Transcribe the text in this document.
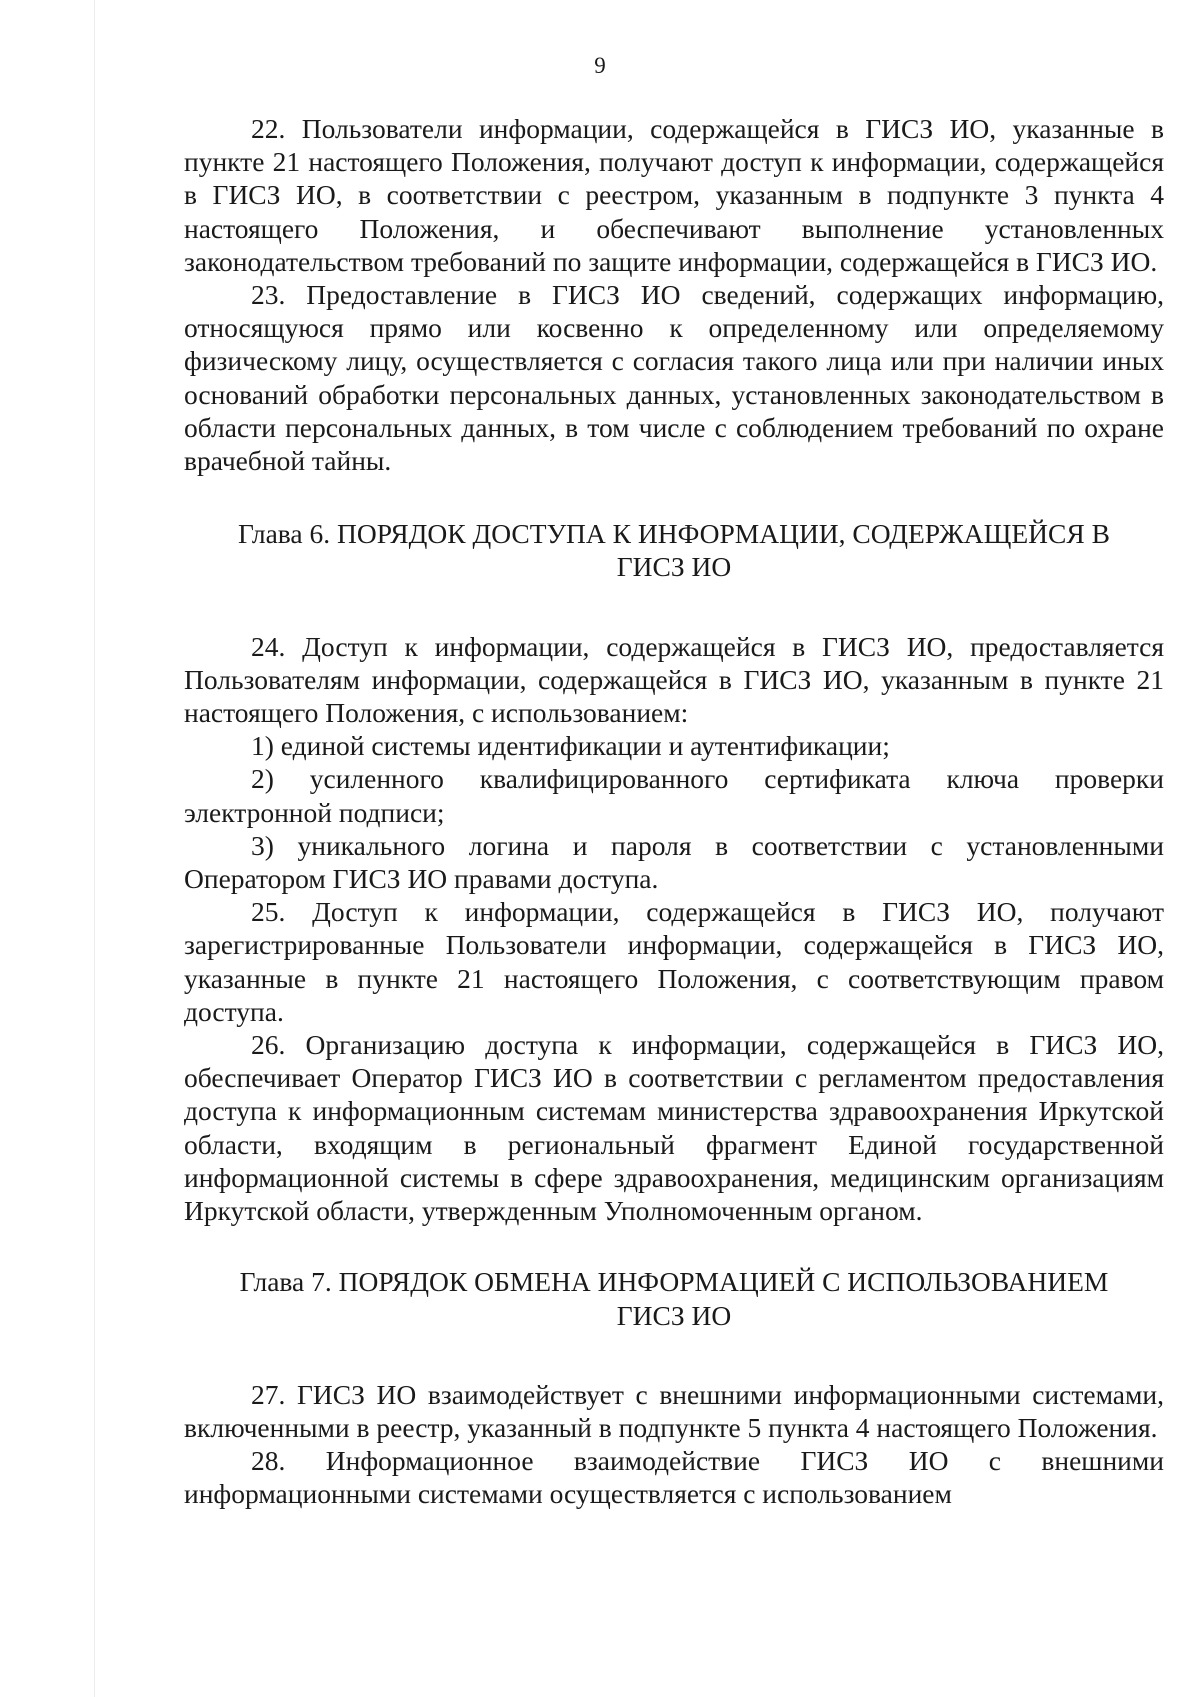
9

22. Пользователи информации, содержащейся в ГИСЗ ИО, указанные в пункте 21 настоящего Положения, получают доступ к информации, содержащейся в ГИСЗ ИО, в соответствии с реестром, указанным в подпункте 3 пункта 4 настоящего Положения, и обеспечивают выполнение установленных законодательством требований по защите информации, содержащейся в ГИСЗ ИО.

23. Предоставление в ГИСЗ ИО сведений, содержащих информацию, относящуюся прямо или косвенно к определенному или определяемому физическому лицу, осуществляется с согласия такого лица или при наличии иных оснований обработки персональных данных, установленных законодательством в области персональных данных, в том числе с соблюдением требований по охране врачебной тайны.

Глава 6. ПОРЯДОК ДОСТУПА К ИНФОРМАЦИИ, СОДЕРЖАЩЕЙСЯ В
ГИСЗ ИО

24. Доступ к информации, содержащейся в ГИСЗ ИО, предоставляется Пользователям информации, содержащейся в ГИСЗ ИО, указанным в пункте 21 настоящего Положения, с использованием:

1) единой системы идентификации и аутентификации;

2) усиленного квалифицированного сертификата ключа проверки электронной подписи;

3) уникального логина и пароля в соответствии с установленными Оператором ГИСЗ ИО правами доступа.

25. Доступ к информации, содержащейся в ГИСЗ ИО, получают зарегистрированные Пользователи информации, содержащейся в ГИСЗ ИО, указанные в пункте 21 настоящего Положения, с соответствующим правом доступа.

26. Организацию доступа к информации, содержащейся в ГИСЗ ИО, обеспечивает Оператор ГИСЗ ИО в соответствии с регламентом предоставления доступа к информационным системам министерства здравоохранения Иркутской области, входящим в региональный фрагмент Единой государственной информационной системы в сфере здравоохранения, медицинским организациям Иркутской области, утвержденным Уполномоченным органом.

Глава 7. ПОРЯДОК ОБМЕНА ИНФОРМАЦИЕЙ С ИСПОЛЬЗОВАНИЕМ
ГИСЗ ИО

27. ГИСЗ ИО взаимодействует с внешними информационными системами, включенными в реестр, указанный в подпункте 5 пункта 4 настоящего Положения.

28. Информационное взаимодействие ГИСЗ ИО с внешними информационными системами осуществляется с использованием
